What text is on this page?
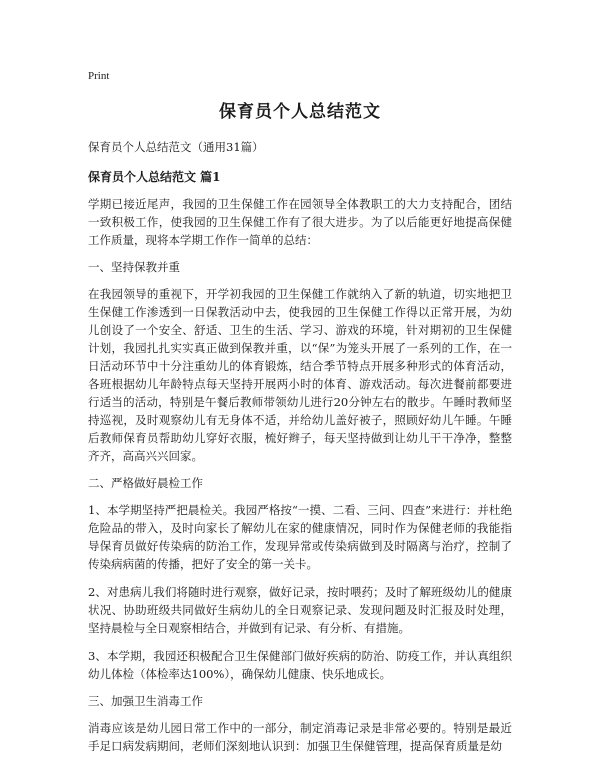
Print
保育员个人总结范文
保育员个人总结范文（通用31篇）
保育员个人总结范文 篇1

学期已接近尾声，我园的卫生保健工作在园领导全体教职工的大力支持配合，团结一致积极工作，使我园的卫生保健工作有了很大进步。为了以后能更好地提高保健工作质量，现将本学期工作作一简单的总结：

一、坚持保教并重

在我园领导的重视下，开学初我园的卫生保健工作就纳入了新的轨道，切实地把卫生保健工作渗透到一日保教活动中去，使我园的卫生保健工作得以正常开展，为幼儿创设了一个安全、舒适、卫生的生活、学习、游戏的环境，针对期初的卫生保健计划，我园扎扎实实真正做到保教并重，以“保”为笼头开展了一系列的工作，在一日活动环节中十分注重幼儿的体育锻炼，结合季节特点开展多种形式的体育活动，各班根据幼儿年龄特点每天坚持开展两小时的体育、游戏活动。每次进餐前都要进行适当的活动，特别是午餐后教师带领幼儿进行20分钟左右的散步。午睡时教师坚持巡视，及时观察幼儿有无身体不适，并给幼儿盖好被子，照顾好幼儿午睡。午睡后教师保育员帮助幼儿穿好衣服，梳好辫子，每天坚持做到让幼儿干干净净，整整齐齐，高高兴兴回家。

二、严格做好晨检工作

1、本学期坚持严把晨检关。我园严格按“一摸、二看、三问、四查”来进行：并杜绝危险品的带入，及时向家长了解幼儿在家的健康情况，同时作为保健老师的我能指导保育员做好传染病的防治工作，发现异常或传染病做到及时隔离与治疗，控制了传染病病菌的传播，把好了安全的第一关卡。

2、对患病儿我们将随时进行观察，做好记录，按时喂药；及时了解班级幼儿的健康状况、协助班级共同做好生病幼儿的全日观察记录、发现问题及时汇报及时处理，坚持晨检与全日观察相结合，并做到有记录、有分析、有措施。

3、本学期，我园还积极配合卫生保健部门做好疾病的防治、防疫工作，并认真组织幼儿体检（体检率达100%），确保幼儿健康、快乐地成长。

三、加强卫生消毒工作

消毒应该是幼儿园日常工作中的一部分，制定消毒记录是非常必要的。特别是最近手足口病发病期间，老师们深刻地认识到：加强卫生保健管理，提高保育质量是幼
